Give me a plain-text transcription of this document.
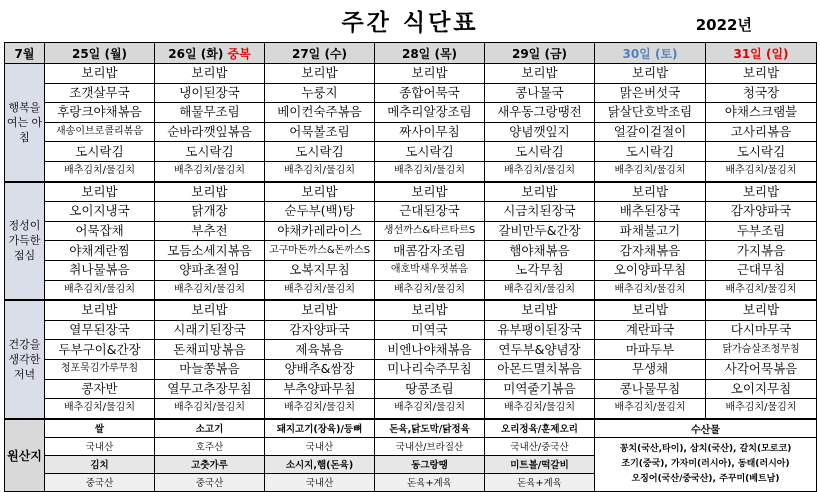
주간 식단표	2022년
7월	25일 (월)	26일 (화) 중복	27일 (수)	28일 (목)	29일 (금)	30일 (토)	31일 (일)
행복을 여는 아침	보리밥	보리밥	보리밥	보리밥	보리밥	보리밥	보리밥
	조갯살무국	냉이된장국	누룽지	종합어묵국	콩나물국	맑은버섯국	청국장
	후랑크야채볶음	해물무조림	베이컨숙주볶음	메추리알장조림	새우동그랑땡전	닭살단호박조림	야채스크램블
	새송이브로콜리볶음	순바라깻잎볶음	어묵볼조림	짜사이무침	양념깻잎지	얼갈이겉절이	고사리볶음
	도시락김	도시락김	도시락김	도시락김	도시락김	도시락김	도시락김
	배추김치/물김치	배추김치/물김치	배추김치/물김치	배추김치/물김치	배추김치/물김치	배추김치/물김치	배추김치/물김치
정성이 가득한 점심	보리밥	보리밥	보리밥	보리밥	보리밥	보리밥	보리밥
	오이지냉국	닭개장	순두부(백)탕	근대된장국	시금치된장국	배추된장국	감자양파국
	어묵잡채	부추전	야채카레라이스	생선까스&타르타르S	갈비만두&간장	파채불고기	두부조림
	야채계란찜	모듬소세지볶음	고구마돈까스&돈까스S	매콤감자조림	햄야채볶음	감자채볶음	가지볶음
	취나물볶음	양파초절임	오복지무침	애호박새우젓볶음	노각무침	오이양파무침	근대무침
	배추김치/물김치	배추김치/물김치	배추김치/물김치	배추김치/물김치	배추김치/물김치	배추김치/물김치	배추김치/물김치
건강을 생각한 저녁	보리밥	보리밥	보리밥	보리밥	보리밥	보리밥	보리밥
	열무된장국	시래기된장국	감자양파국	미역국	유부팽이된장국	계란파국	다시마무국
	두부구이&간장	돈채피망볶음	제육볶음	비엔나야채볶음	연두부&양념장	마파두부	닭가슴살조청무침
	청포묵김가루무침	마늘쫑볶음	양배추&쌈장	미나리숙주무침	아몬드멸치볶음	무생채	사각어묵볶음
	콩자반	열무고추장무침	부추양파무침	땅콩조림	미역줄기볶음	콩나물무침	오이지무침
	배추김치/물김치	배추김치/물김치	배추김치/물김치	배추김치/물김치	배추김치/물김치	배추김치/물김치	배추김치/물김치
원산지	쌀	소고기	돼지고기(장육)/등뼈	돈육,닭도막/닭정육	오리정육/훈제오리	수산물	
	국내산	호주산	국내산	국내산/브라질산	국내산/중국산	꽁치(국산,타이), 삼치(국산), 갈치(모로코)
조기(중국), 가자미(러시아), 동태(러시아)
오징어(국산/중국산), 주꾸미(베트남)	

	김치	고춧가루	소시지,햄(돈육)	동그랑땡	미트볼/떡갈비		
	중국산	중국산	국내산	돈육+계육	돈육+계육		
